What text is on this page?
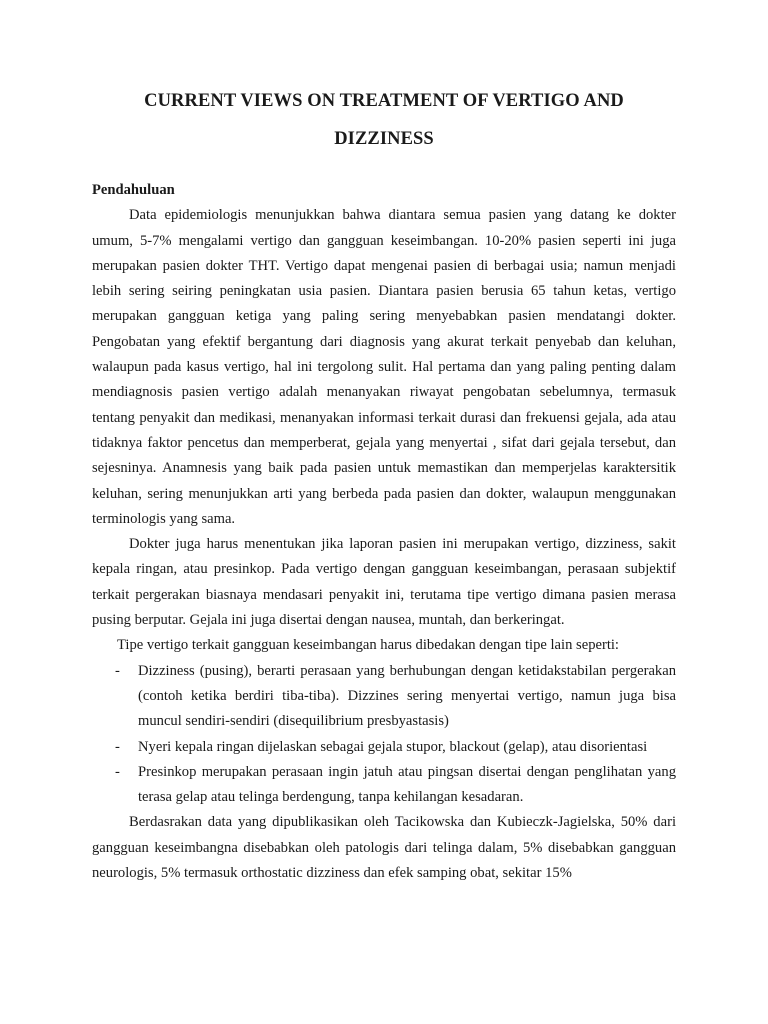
CURRENT VIEWS ON TREATMENT OF VERTIGO AND DIZZINESS
Pendahuluan

Data epidemiologis menunjukkan bahwa diantara semua pasien yang datang ke dokter umum, 5-7% mengalami vertigo dan gangguan keseimbangan. 10-20% pasien seperti ini juga merupakan pasien dokter THT. Vertigo dapat mengenai pasien di berbagai usia; namun menjadi lebih sering seiring peningkatan usia pasien. Diantara pasien berusia 65 tahun ketas, vertigo merupakan gangguan ketiga yang paling sering menyebabkan pasien mendatangi dokter. Pengobatan yang efektif bergantung dari diagnosis yang akurat terkait penyebab dan keluhan, walaupun pada kasus vertigo, hal ini tergolong sulit. Hal pertama dan yang paling penting dalam mendiagnosis pasien vertigo adalah menanyakan riwayat pengobatan sebelumnya, termasuk tentang penyakit dan medikasi, menanyakan informasi terkait durasi dan frekuensi gejala, ada atau tidaknya faktor pencetus dan memperberat, gejala yang menyertai , sifat dari gejala tersebut, dan sejesninya. Anamnesis yang baik pada pasien untuk memastikan dan memperjelas karaktersitik keluhan, sering menunjukkan arti yang berbeda pada pasien dan dokter, walaupun menggunakan terminologis yang sama.

Dokter juga harus menentukan jika laporan pasien ini merupakan vertigo, dizziness, sakit kepala ringan, atau presinkop. Pada vertigo dengan gangguan keseimbangan, perasaan subjektif terkait pergerakan biasnaya mendasari penyakit ini, terutama tipe vertigo dimana pasien merasa pusing berputar. Gejala ini juga disertai dengan nausea, muntah, dan berkeringat.

Tipe vertigo terkait gangguan keseimbangan harus dibedakan dengan tipe lain seperti:

- Dizziness (pusing), berarti perasaan yang berhubungan dengan ketidakstabilan pergerakan (contoh ketika berdiri tiba-tiba). Dizzines sering menyertai vertigo, namun juga bisa muncul sendiri-sendiri (disequilibrium presbyastasis)
- Nyeri kepala ringan dijelaskan sebagai gejala stupor, blackout (gelap), atau disorientasi
- Presinkop merupakan perasaan ingin jatuh atau pingsan disertai dengan penglihatan yang terasa gelap atau telinga berdengung, tanpa kehilangan kesadaran.

Berdasrakan data yang dipublikasikan oleh Tacikowska dan Kubieczk-Jagielska, 50% dari gangguan keseimbangna disebabkan oleh patologis dari telinga dalam, 5% disebabkan gangguan neurologis, 5% termasuk orthostatic dizziness dan efek samping obat, sekitar 15%
